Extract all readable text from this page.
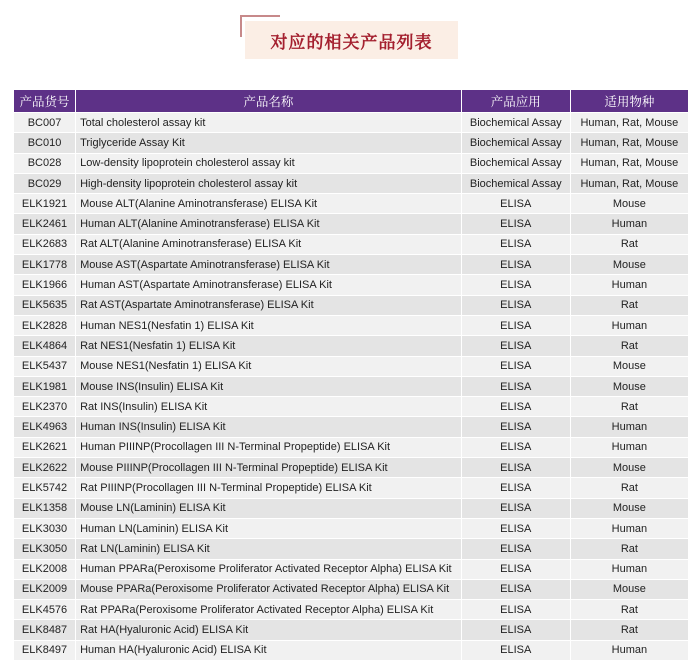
对应的相关产品列表
产品货号	产品名称	产品应用	适用物种
BC007	Total cholesterol assay kit	Biochemical Assay	Human, Rat, Mouse
BC010	Triglyceride Assay Kit	Biochemical Assay	Human, Rat, Mouse
BC028	Low-density lipoprotein cholesterol assay kit	Biochemical Assay	Human, Rat, Mouse
BC029	High-density lipoprotein cholesterol assay kit	Biochemical Assay	Human, Rat, Mouse
ELK1921	Mouse ALT(Alanine Aminotransferase) ELISA Kit	ELISA	Mouse
ELK2461	Human ALT(Alanine Aminotransferase) ELISA Kit	ELISA	Human
ELK2683	Rat ALT(Alanine Aminotransferase) ELISA Kit	ELISA	Rat
ELK1778	Mouse AST(Aspartate Aminotransferase) ELISA Kit	ELISA	Mouse
ELK1966	Human AST(Aspartate Aminotransferase) ELISA Kit	ELISA	Human
ELK5635	Rat AST(Aspartate Aminotransferase) ELISA Kit	ELISA	Rat
ELK2828	Human NES1(Nesfatin 1) ELISA Kit	ELISA	Human
ELK4864	Rat NES1(Nesfatin 1) ELISA Kit	ELISA	Rat
ELK5437	Mouse NES1(Nesfatin 1) ELISA Kit	ELISA	Mouse
ELK1981	Mouse INS(Insulin) ELISA Kit	ELISA	Mouse
ELK2370	Rat INS(Insulin) ELISA Kit	ELISA	Rat
ELK4963	Human INS(Insulin) ELISA Kit	ELISA	Human
ELK2621	Human PIIINP(Procollagen III N-Terminal Propeptide) ELISA Kit	ELISA	Human
ELK2622	Mouse PIIINP(Procollagen III N-Terminal Propeptide) ELISA Kit	ELISA	Mouse
ELK5742	Rat PIIINP(Procollagen III N-Terminal Propeptide) ELISA Kit	ELISA	Rat
ELK1358	Mouse LN(Laminin) ELISA Kit	ELISA	Mouse
ELK3030	Human LN(Laminin) ELISA Kit	ELISA	Human
ELK3050	Rat LN(Laminin) ELISA Kit	ELISA	Rat
ELK2008	Human PPARa(Peroxisome Proliferator Activated Receptor Alpha) ELISA Kit	ELISA	Human
ELK2009	Mouse PPARa(Peroxisome Proliferator Activated Receptor Alpha) ELISA Kit	ELISA	Mouse
ELK4576	Rat PPARa(Peroxisome Proliferator Activated Receptor Alpha) ELISA Kit	ELISA	Rat
ELK8487	Rat HA(Hyaluronic Acid) ELISA Kit	ELISA	Rat
ELK8497	Human HA(Hyaluronic Acid) ELISA Kit	ELISA	Human
